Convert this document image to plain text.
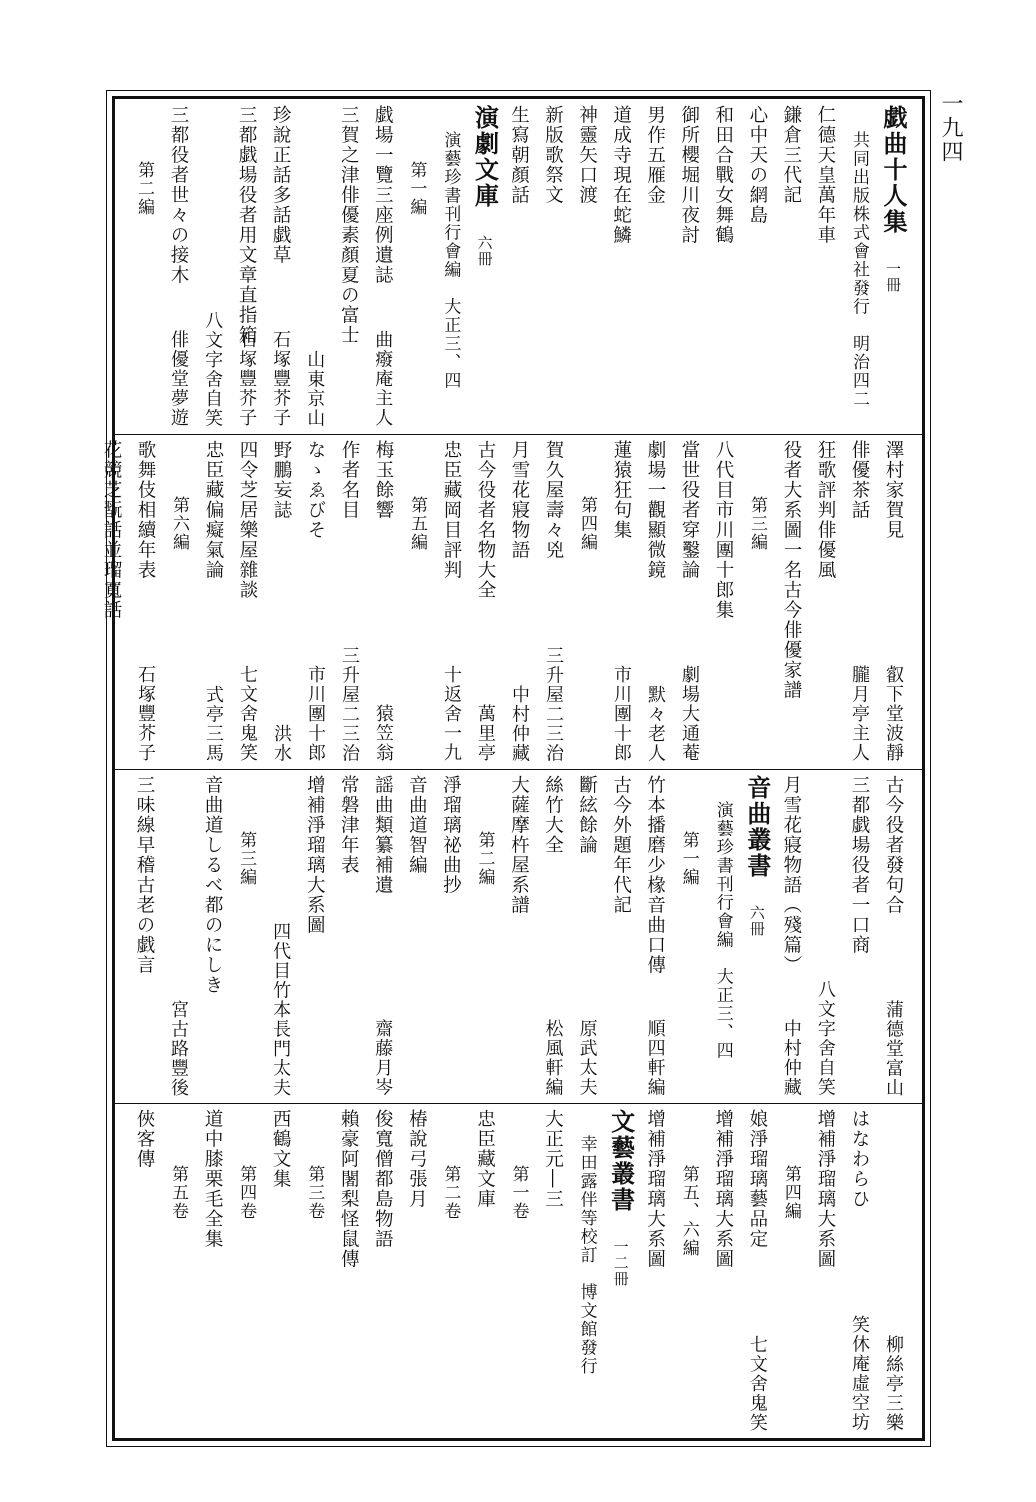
一九四
戯曲十人集　一冊
共同出版株式會社發行　明治四二
仁德天皇萬年車
鎌倉三代記
心中天の網島
和田合戰女舞鶴
御所櫻堀川夜討
男作五雁金
道成寺現在蛇鱗
神靈矢口渡
新版歌祭文
生寫朝顏話
演劇文庫　六冊
演藝珍書刊行會編　大正三、四
第一編
戯場一覽三座例遺誌
曲癈庵主人
三賀之津俳優素顏夏の富士
山東京山
珍說正話多話戯草
石塚豐芥子
三都戯場役者用文章直指箱
石塚豐芥子
八文字舍自笑
三都役者世々の接木
俳優堂夢遊
第二編
澤村家賀見
叡下堂波靜
俳優茶話
朧月亭主人
狂歌評判俳優風
役者大系圖一名古今俳優家譜
第三編
八代目市川團十郎集
當世役者穿鑿論
劇場大通菴
劇場一觀顯微鏡
默々老人
蓮猿狂句集
市川團十郎
第四編
賀久屋壽々兇
三升屋二三治
月雪花寢物語
中村仲藏
古今役者名物大全
萬里亭
忠臣藏岡目評判
十返舍一九
第五編
梅玉餘響
猿笠翁
作者名目
三升屋二三治
なゝゑびそ
市川團十郎
野鵬妄誌
洪水
四令芝居樂屋雜談
七文舍鬼笑
忠臣藏偏癡氣論
式亭三馬
第六編
歌舞伎相續年表
石塚豐芥子
花競芝翫話並瑠寬話
古今役者發句合
蒲德堂富山
三都戯場役者一口商
八文字舍自笑
月雪花寢物語（殘篇）
中村仲藏
音曲叢書　六冊
演藝珍書刊行會編　大正三、四
第一編
竹本播磨少椽音曲口傳
順四軒編
古今外題年代記
斷絃餘論
原武太夫
絲竹大全
松風軒編
大薩摩杵屋系譜
第二編
淨瑠璃祕曲抄
音曲道智編
謡曲類纂補遺
齋藤月岑
常磐津年表
增補淨瑠璃大系圖
四代目竹本長門太夫
第三編
音曲道しるべ都のにしき
宮古路豐後
三味線早稽古老の戯言
柳絲亭三樂
はなわらひ
笑休庵虛空坊
增補淨瑠璃大系圖
第四編
娘淨瑠璃藝品定
七文舍鬼笑
增補淨瑠璃大系圖
第五、六編
增補淨瑠璃大系圖
文藝叢書　一二冊
幸田露伴等校訂　博文館發行
大正元―三
第一卷
忠臣藏文庫
第二卷
椿說弓張月
俊寬僧都島物語
賴豪阿闍梨怪鼠傳
第三卷
西鶴文集
第四卷
道中膝栗毛全集
第五卷
俠客傳
